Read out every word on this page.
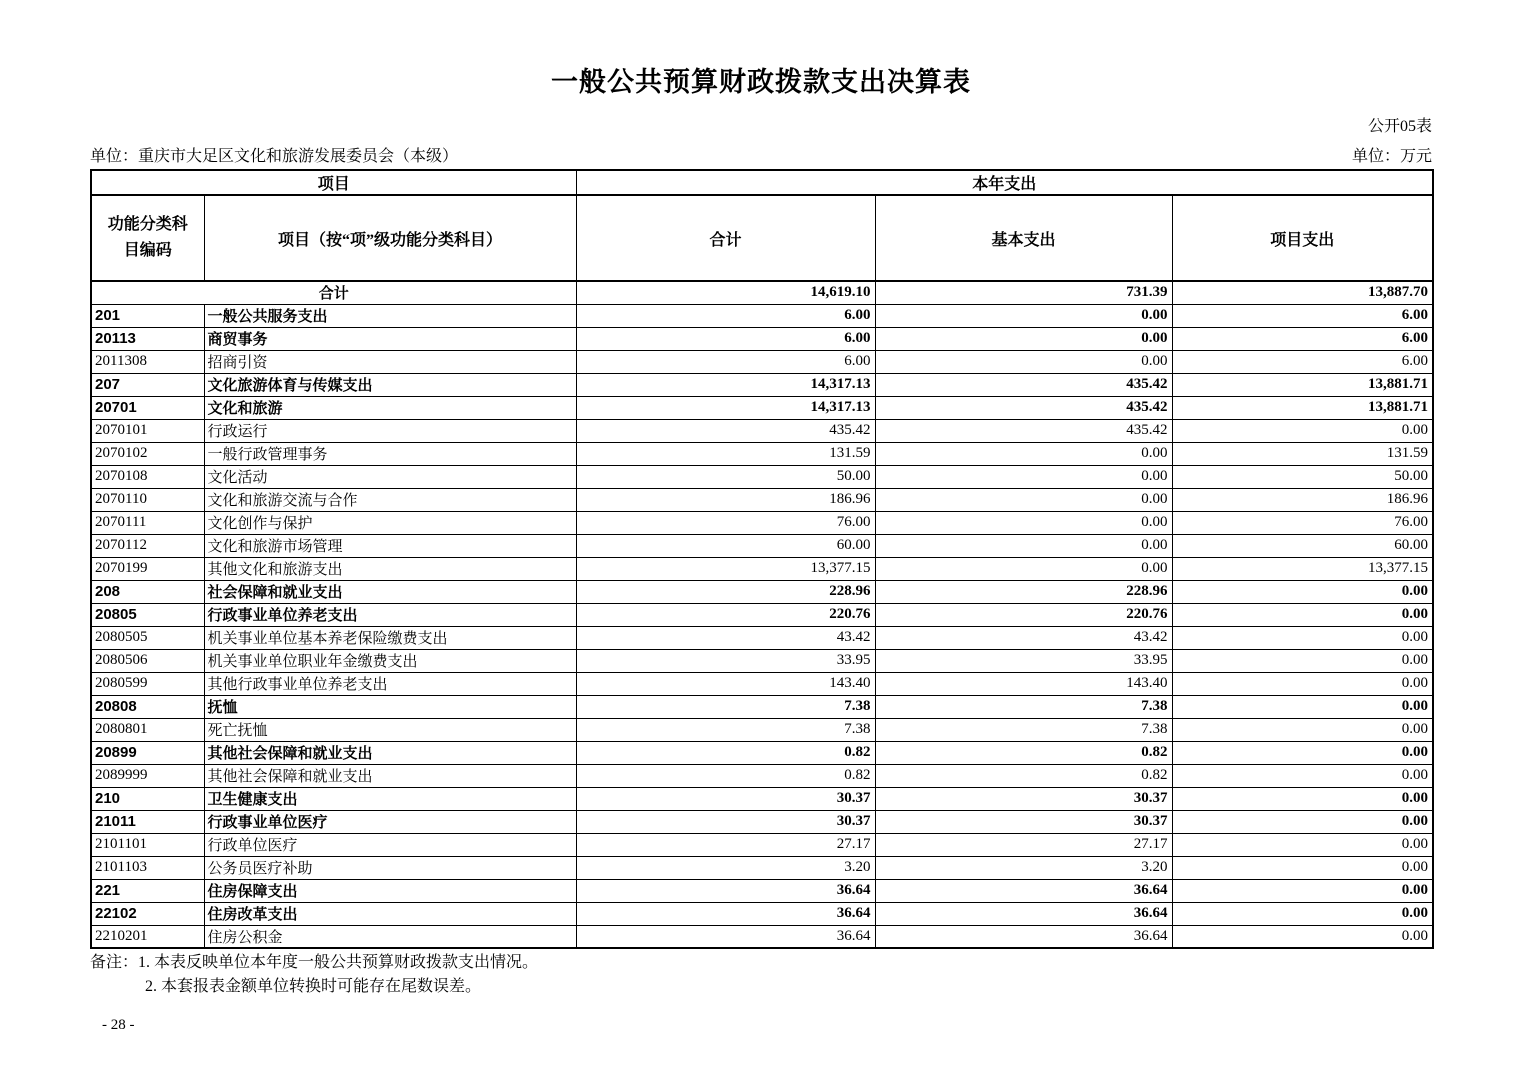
一般公共预算财政拨款支出决算表
公开05表
单位：重庆市大足区文化和旅游发展委员会（本级）	单位：万元
项目		本年支出		
功能分类科目编码	项目（按“项”级功能分类科目）	合计	基本支出	项目支出
合计		14,619.10	731.39	13,887.70
201	一般公共服务支出	6.00	0.00	6.00
20113	商贸事务	6.00	0.00	6.00
2011308	招商引资	6.00	0.00	6.00
207	文化旅游体育与传媒支出	14,317.13	435.42	13,881.71
20701	文化和旅游	14,317.13	435.42	13,881.71
2070101	行政运行	435.42	435.42	0.00
2070102	一般行政管理事务	131.59	0.00	131.59
2070108	文化活动	50.00	0.00	50.00
2070110	文化和旅游交流与合作	186.96	0.00	186.96
2070111	文化创作与保护	76.00	0.00	76.00
2070112	文化和旅游市场管理	60.00	0.00	60.00
2070199	其他文化和旅游支出	13,377.15	0.00	13,377.15
208	社会保障和就业支出	228.96	228.96	0.00
20805	行政事业单位养老支出	220.76	220.76	0.00
2080505	机关事业单位基本养老保险缴费支出	43.42	43.42	0.00
2080506	机关事业单位职业年金缴费支出	33.95	33.95	0.00
2080599	其他行政事业单位养老支出	143.40	143.40	0.00
20808	抚恤	7.38	7.38	0.00
2080801	死亡抚恤	7.38	7.38	0.00
20899	其他社会保障和就业支出	0.82	0.82	0.00
2089999	其他社会保障和就业支出	0.82	0.82	0.00
210	卫生健康支出	30.37	30.37	0.00
21011	行政事业单位医疗	30.37	30.37	0.00
2101101	行政单位医疗	27.17	27.17	0.00
2101103	公务员医疗补助	3.20	3.20	0.00
221	住房保障支出	36.64	36.64	0.00
22102	住房改革支出	36.64	36.64	0.00
2210201	住房公积金	36.64	36.64	0.00
备注：1. 本表反映单位本年度一般公共预算财政拨款支出情况。
2. 本套报表金额单位转换时可能存在尾数误差。
- 28 -
